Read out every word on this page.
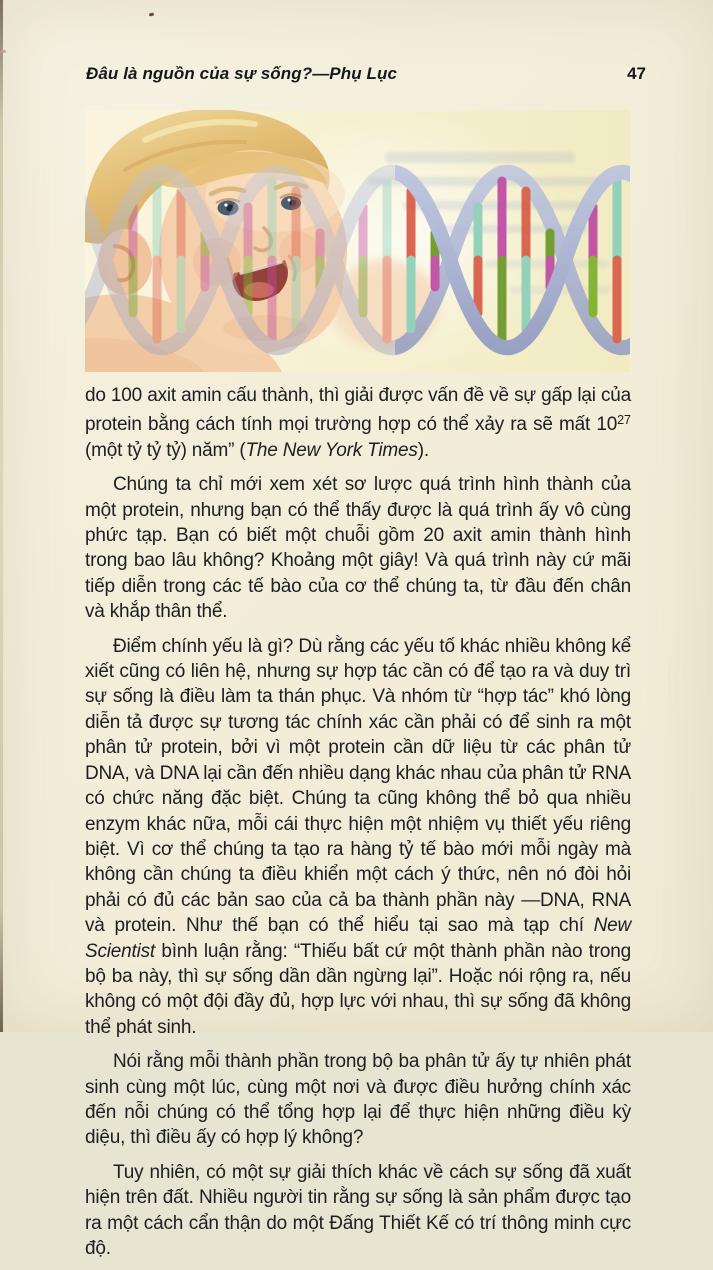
Đâu là nguồn của sự sống?—Phụ Lục	47

do 100 axit amin cấu thành, thì giải được vấn đề về sự gấp lại của protein bằng cách tính mọi trường hợp có thể xảy ra sẽ mất $10^{27}$ (một tỷ tỷ tỷ) năm” (The New York Times).

Chúng ta chỉ mới xem xét sơ lược quá trình hình thành của một protein, nhưng bạn có thể thấy được là quá trình ấy vô cùng phức tạp. Bạn có biết một chuỗi gồm 20 axit amin thành hình trong bao lâu không? Khoảng một giây! Và quá trình này cứ mãi tiếp diễn trong các tế bào của cơ thể chúng ta, từ đầu đến chân và khắp thân thể.

Điểm chính yếu là gì? Dù rằng các yếu tố khác nhiều không kể xiết cũng có liên hệ, nhưng sự hợp tác cần có để tạo ra và duy trì sự sống là điều làm ta thán phục. Và nhóm từ “hợp tác” khó lòng diễn tả được sự tương tác chính xác cần phải có để sinh ra một phân tử protein, bởi vì một protein cần dữ liệu từ các phân tử DNA, và DNA lại cần đến nhiều dạng khác nhau của phân tử RNA có chức năng đặc biệt. Chúng ta cũng không thể bỏ qua nhiều enzym khác nữa, mỗi cái thực hiện một nhiệm vụ thiết yếu riêng biệt. Vì cơ thể chúng ta tạo ra hàng tỷ tế bào mới mỗi ngày mà không cần chúng ta điều khiển một cách ý thức, nên nó đòi hỏi phải có đủ các bản sao của cả ba thành phần này —DNA, RNA và protein. Như thế bạn có thể hiểu tại sao mà tạp chí New Scientist bình luận rằng: “Thiếu bất cứ một thành phần nào trong bộ ba này, thì sự sống dần dần ngừng lại”. Hoặc nói rộng ra, nếu không có một đội đầy đủ, hợp lực với nhau, thì sự sống đã không thể phát sinh.

Nói rằng mỗi thành phần trong bộ ba phân tử ấy tự nhiên phát sinh cùng một lúc, cùng một nơi và được điều hưởng chính xác đến nỗi chúng có thể tổng hợp lại để thực hiện những điều kỳ diệu, thì điều ấy có hợp lý không?

Tuy nhiên, có một sự giải thích khác về cách sự sống đã xuất hiện trên đất. Nhiều người tin rằng sự sống là sản phẩm được tạo ra một cách cẩn thận do một Đấng Thiết Kế có trí thông minh cực độ.
